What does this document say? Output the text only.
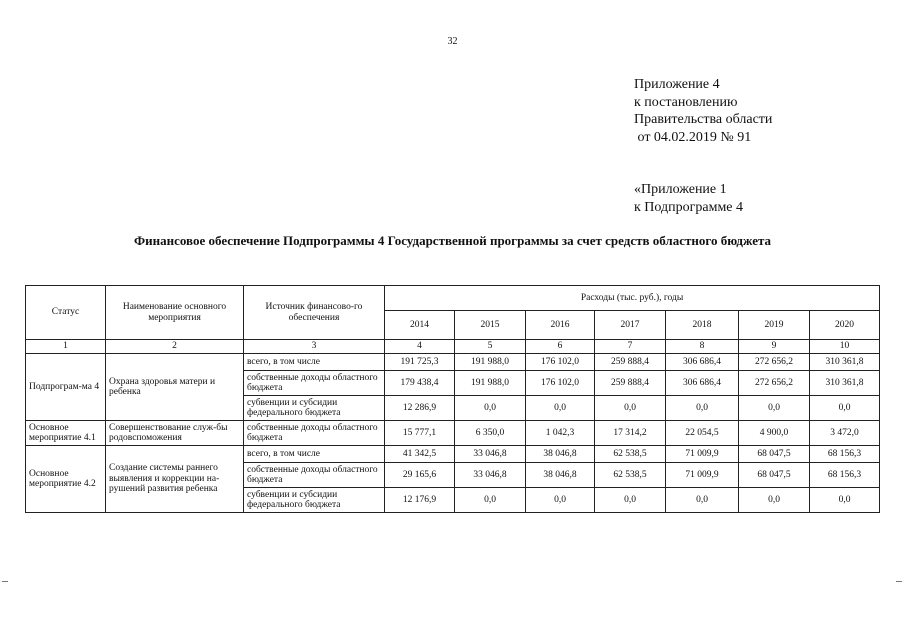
32
Приложение 4
к постановлению
Правительства области
от 04.02.2019 № 91
«Приложение 1
к Подпрограмме 4
Финансовое обеспечение Подпрограммы 4 Государственной программы за счет средств областного бюджета
Статус	Наименование основного мероприятия	Источник финансово-го обеспечения	Расходы (тыс. руб.), годы						
			2014	2015	2016	2017	2018	2019	2020
1	2	3	4	5	6	7	8	9	10
Подпрограм-ма 4	Охрана здоровья матери и ребенка	всего, в том числе	191 725,3	191 988,0	176 102,0	259 888,4	306 686,4	272 656,2	310 361,8
		собственные доходы областного бюджета	179 438,4	191 988,0	176 102,0	259 888,4	306 686,4	272 656,2	310 361,8
		субвенции и субсидии федерального бюджета	12 286,9	0,0	0,0	0,0	0,0	0,0	0,0
Основное мероприятие 4.1	Совершенствование служ-бы родовспоможения	собственные доходы областного бюджета	15 777,1	6 350,0	1 042,3	17 314,2	22 054,5	4 900,0	3 472,0
Основное мероприятие 4.2	Создание системы раннего выявления и коррекции на-рушений развития ребенка	всего, в том числе	41 342,5	33 046,8	38 046,8	62 538,5	71 009,9	68 047,5	68 156,3
		собственные доходы областного бюджета	29 165,6	33 046,8	38 046,8	62 538,5	71 009,9	68 047,5	68 156,3
		субвенции и субсидии федерального бюджета	12 176,9	0,0	0,0	0,0	0,0	0,0	0,0
